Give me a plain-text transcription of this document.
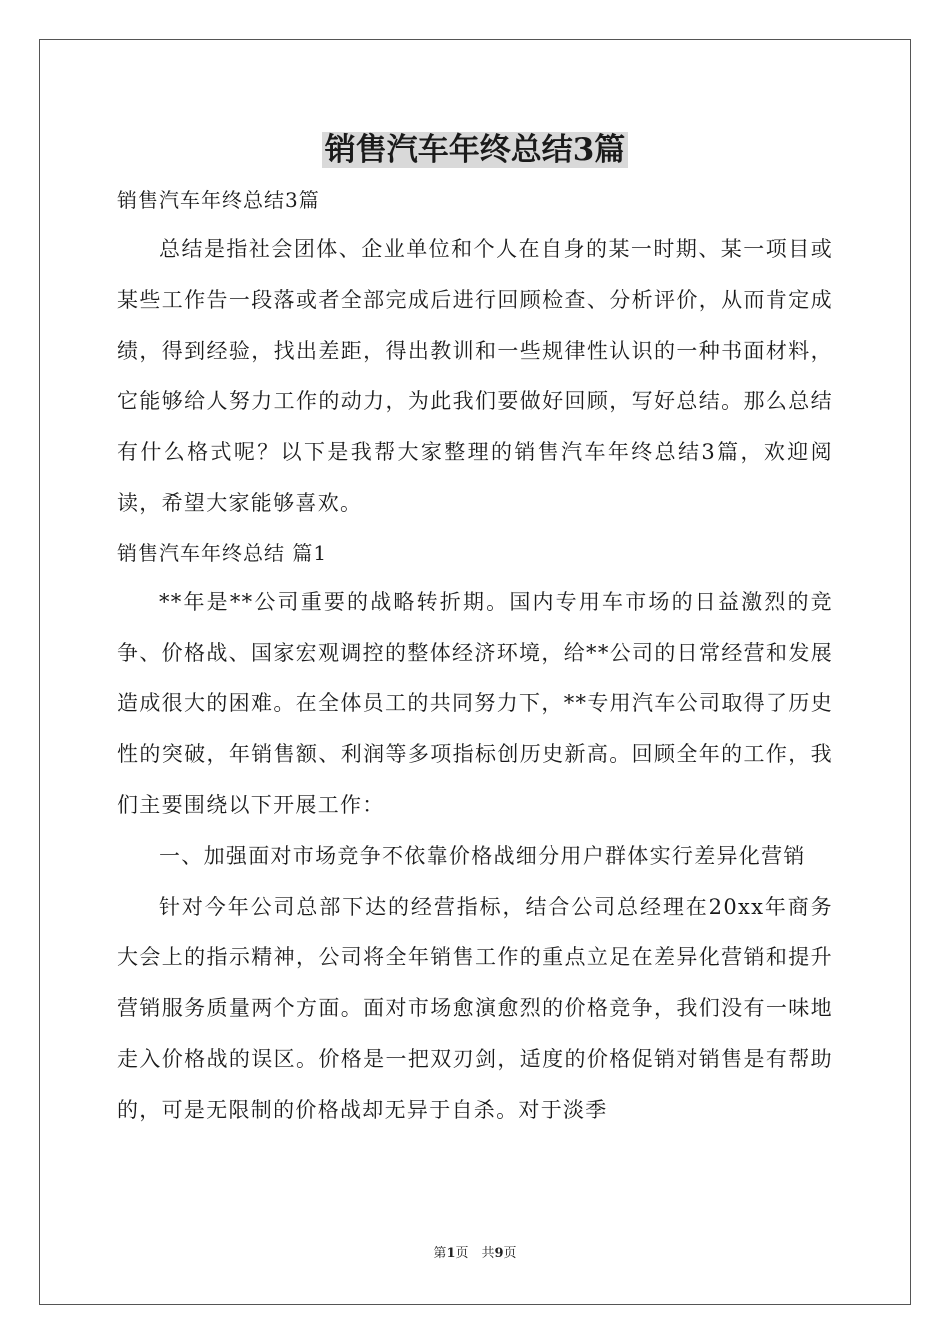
销售汽车年终总结3篇

销售汽车年终总结3篇

总结是指社会团体、企业单位和个人在自身的某一时期、某一项目或某些工作告一段落或者全部完成后进行回顾检查、分析评价，从而肯定成绩，得到经验，找出差距，得出教训和一些规律性认识的一种书面材料，它能够给人努力工作的动力，为此我们要做好回顾，写好总结。那么总结有什么格式呢？以下是我帮大家整理的销售汽车年终总结3篇，欢迎阅读，希望大家能够喜欢。

销售汽车年终总结 篇1

**年是**公司重要的战略转折期。国内专用车市场的日益激烈的竞争、价格战、国家宏观调控的整体经济环境，给**公司的日常经营和发展造成很大的困难。在全体员工的共同努力下，**专用汽车公司取得了历史性的突破，年销售额、利润等多项指标创历史新高。回顾全年的工作，我们主要围绕以下开展工作：

一、加强面对市场竞争不依靠价格战细分用户群体实行差异化营销

针对今年公司总部下达的经营指标，结合公司总经理在20xx年商务大会上的指示精神，公司将全年销售工作的重点立足在差异化营销和提升营销服务质量两个方面。面对市场愈演愈烈的价格竞争，我们没有一味地走入价格战的误区。价格是一把双刃剑，适度的价格促销对销售是有帮助的，可是无限制的价格战却无异于自杀。对于淡季

第1页　共9页
